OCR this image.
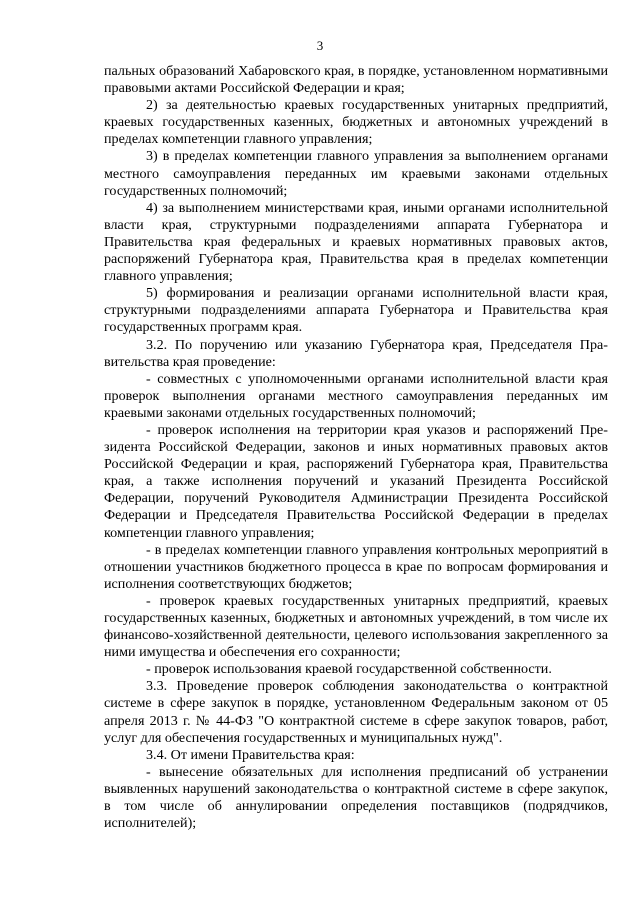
3

пальных образований Хабаровского края, в порядке, установленном нормативными правовыми актами Российской Федерации и края;

2) за деятельностью краевых государственных унитарных предприятий, краевых государственных казенных, бюджетных и автономных учреждений в пределах компетенции главного управления;

3) в пределах компетенции главного управления за выполнением органами местного самоуправления переданных им краевыми законами отдельных государственных полномочий;

4) за выполнением министерствами края, иными органами исполнительной власти края, структурными подразделениями аппарата Губернатора и Правительства края федеральных и краевых нормативных правовых актов, распоряжений Губернатора края, Правительства края в пределах компетенции главного управления;

5) формирования и реализации органами исполнительной власти края, структурными подразделениями аппарата Губернатора и Правительства края государственных программ края.

3.2. По поручению или указанию Губернатора края, Председателя Правительства края проведение:

- совместных с уполномоченными органами исполнительной власти края проверок выполнения органами местного самоуправления переданных им краевыми законами отдельных государственных полномочий;

- проверок исполнения на территории края указов и распоряжений Президента Российской Федерации, законов и иных нормативных правовых актов Российской Федерации и края, распоряжений Губернатора края, Правительства края, а также исполнения поручений и указаний Президента Российской Федерации, поручений Руководителя Администрации Президента Российской Федерации и Председателя Правительства Российской Федерации в пределах компетенции главного управления;

- в пределах компетенции главного управления контрольных мероприятий в отношении участников бюджетного процесса в крае по вопросам формирования и исполнения соответствующих бюджетов;

- проверок краевых государственных унитарных предприятий, краевых государственных казенных, бюджетных и автономных учреждений, в том числе их финансово-хозяйственной деятельности, целевого использования закрепленного за ними имущества и обеспечения его сохранности;

- проверок использования краевой государственной собственности.

3.3. Проведение проверок соблюдения законодательства о контрактной системе в сфере закупок в порядке, установленном Федеральным законом от 05 апреля 2013 г. № 44-ФЗ "О контрактной системе в сфере закупок товаров, работ, услуг для обеспечения государственных и муниципальных нужд".

3.4. От имени Правительства края:

- вынесение обязательных для исполнения предписаний об устранении выявленных нарушений законодательства о контрактной системе в сфере закупок, в том числе об аннулировании определения поставщиков (подрядчиков, исполнителей);
